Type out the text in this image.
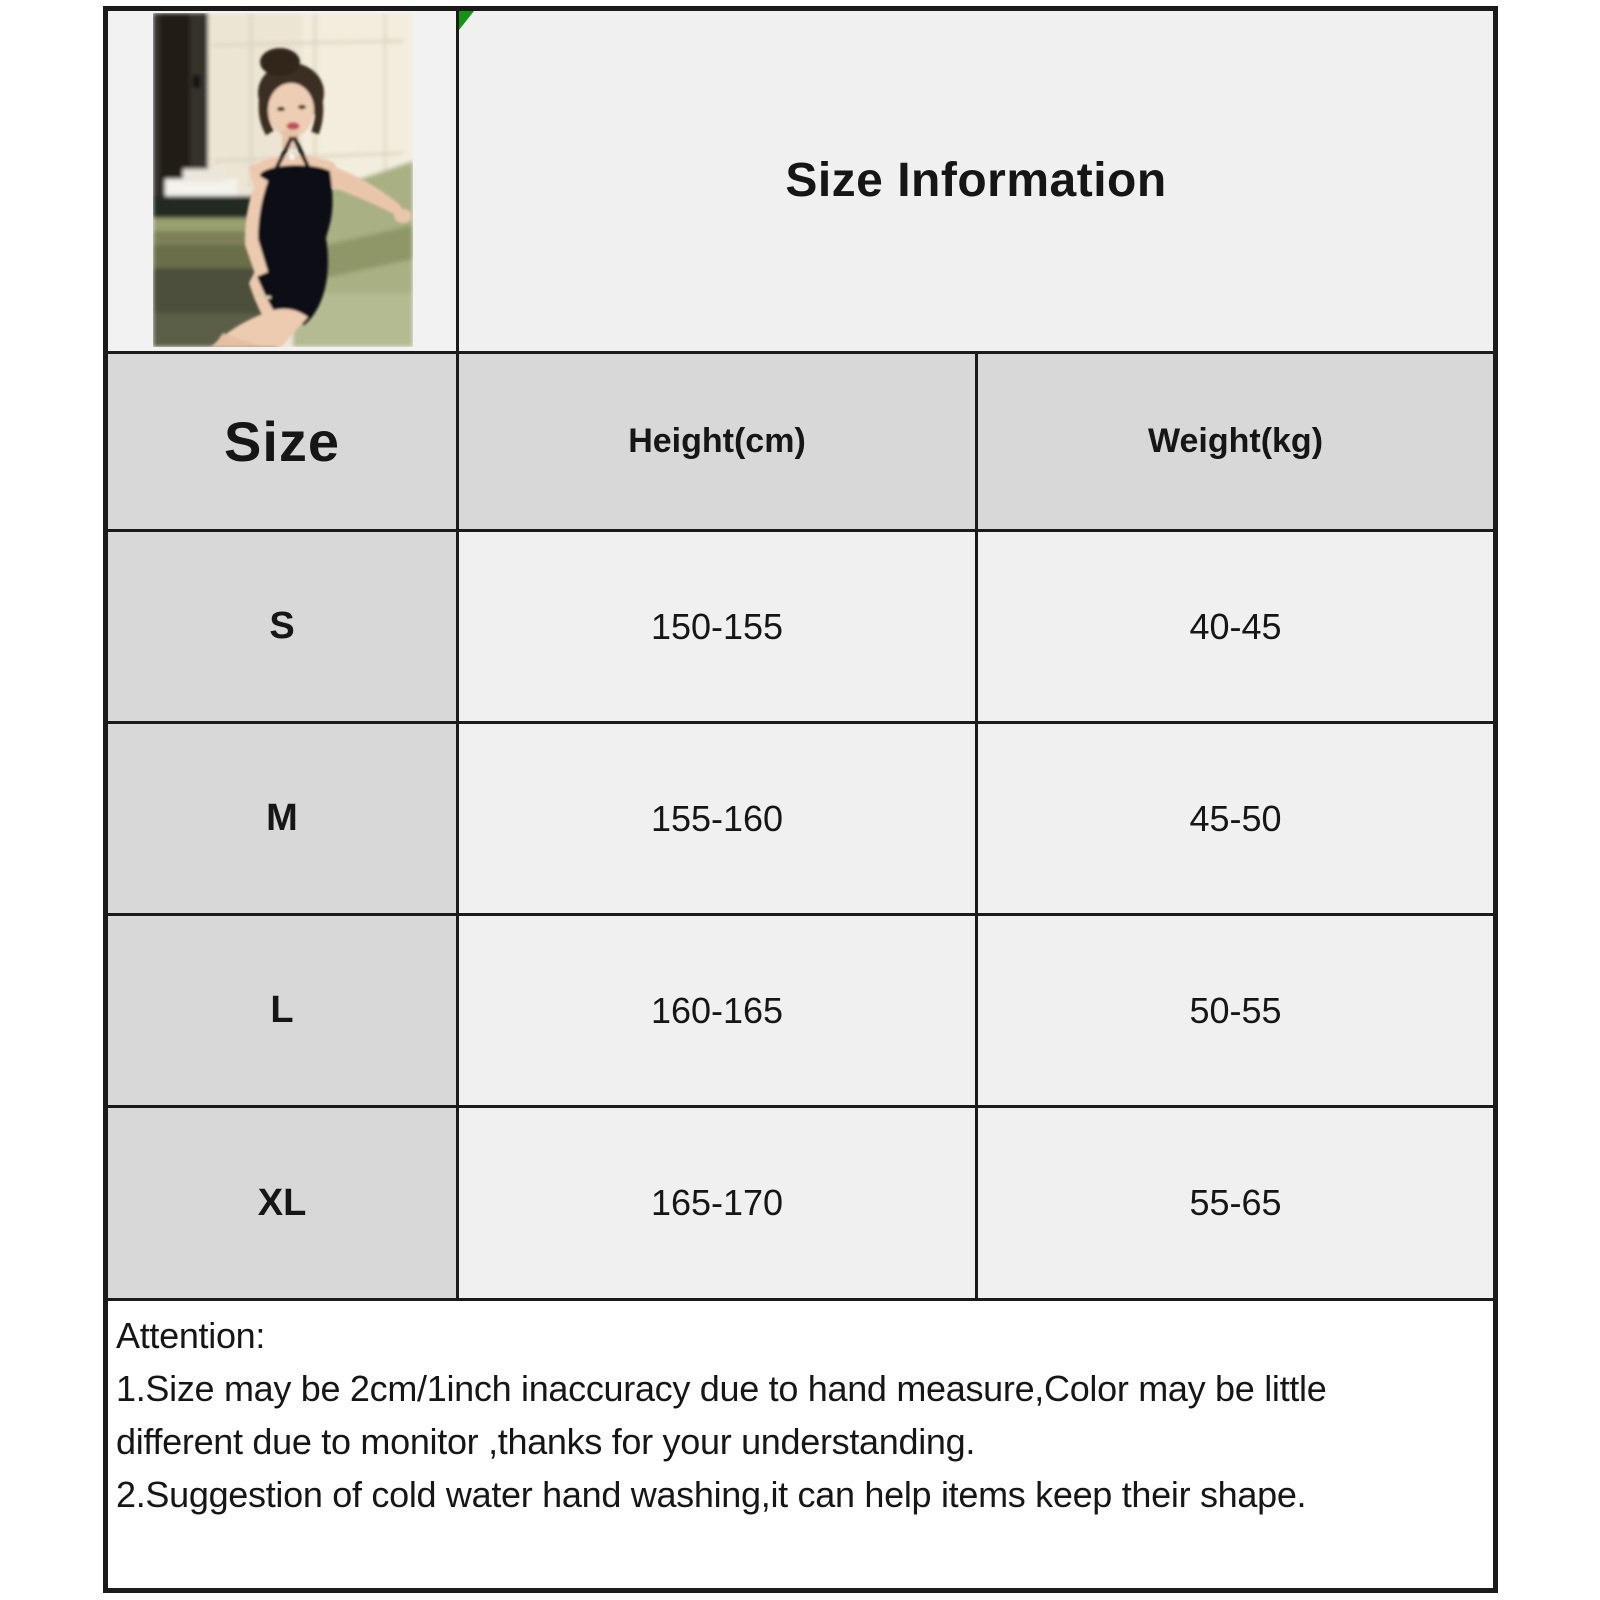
Size Information	
Size	Height(cm)	Weight(kg)
S	150-155	40-45
M	155-160	45-50
L	160-165	50-55
XL	165-170	55-65

Attention:
1.Size may be 2cm/1inch inaccuracy due to hand measure,Color may be little
different due to monitor ,thanks for your understanding.
2.Suggestion of cold water hand washing,it can help items keep their shape.		
